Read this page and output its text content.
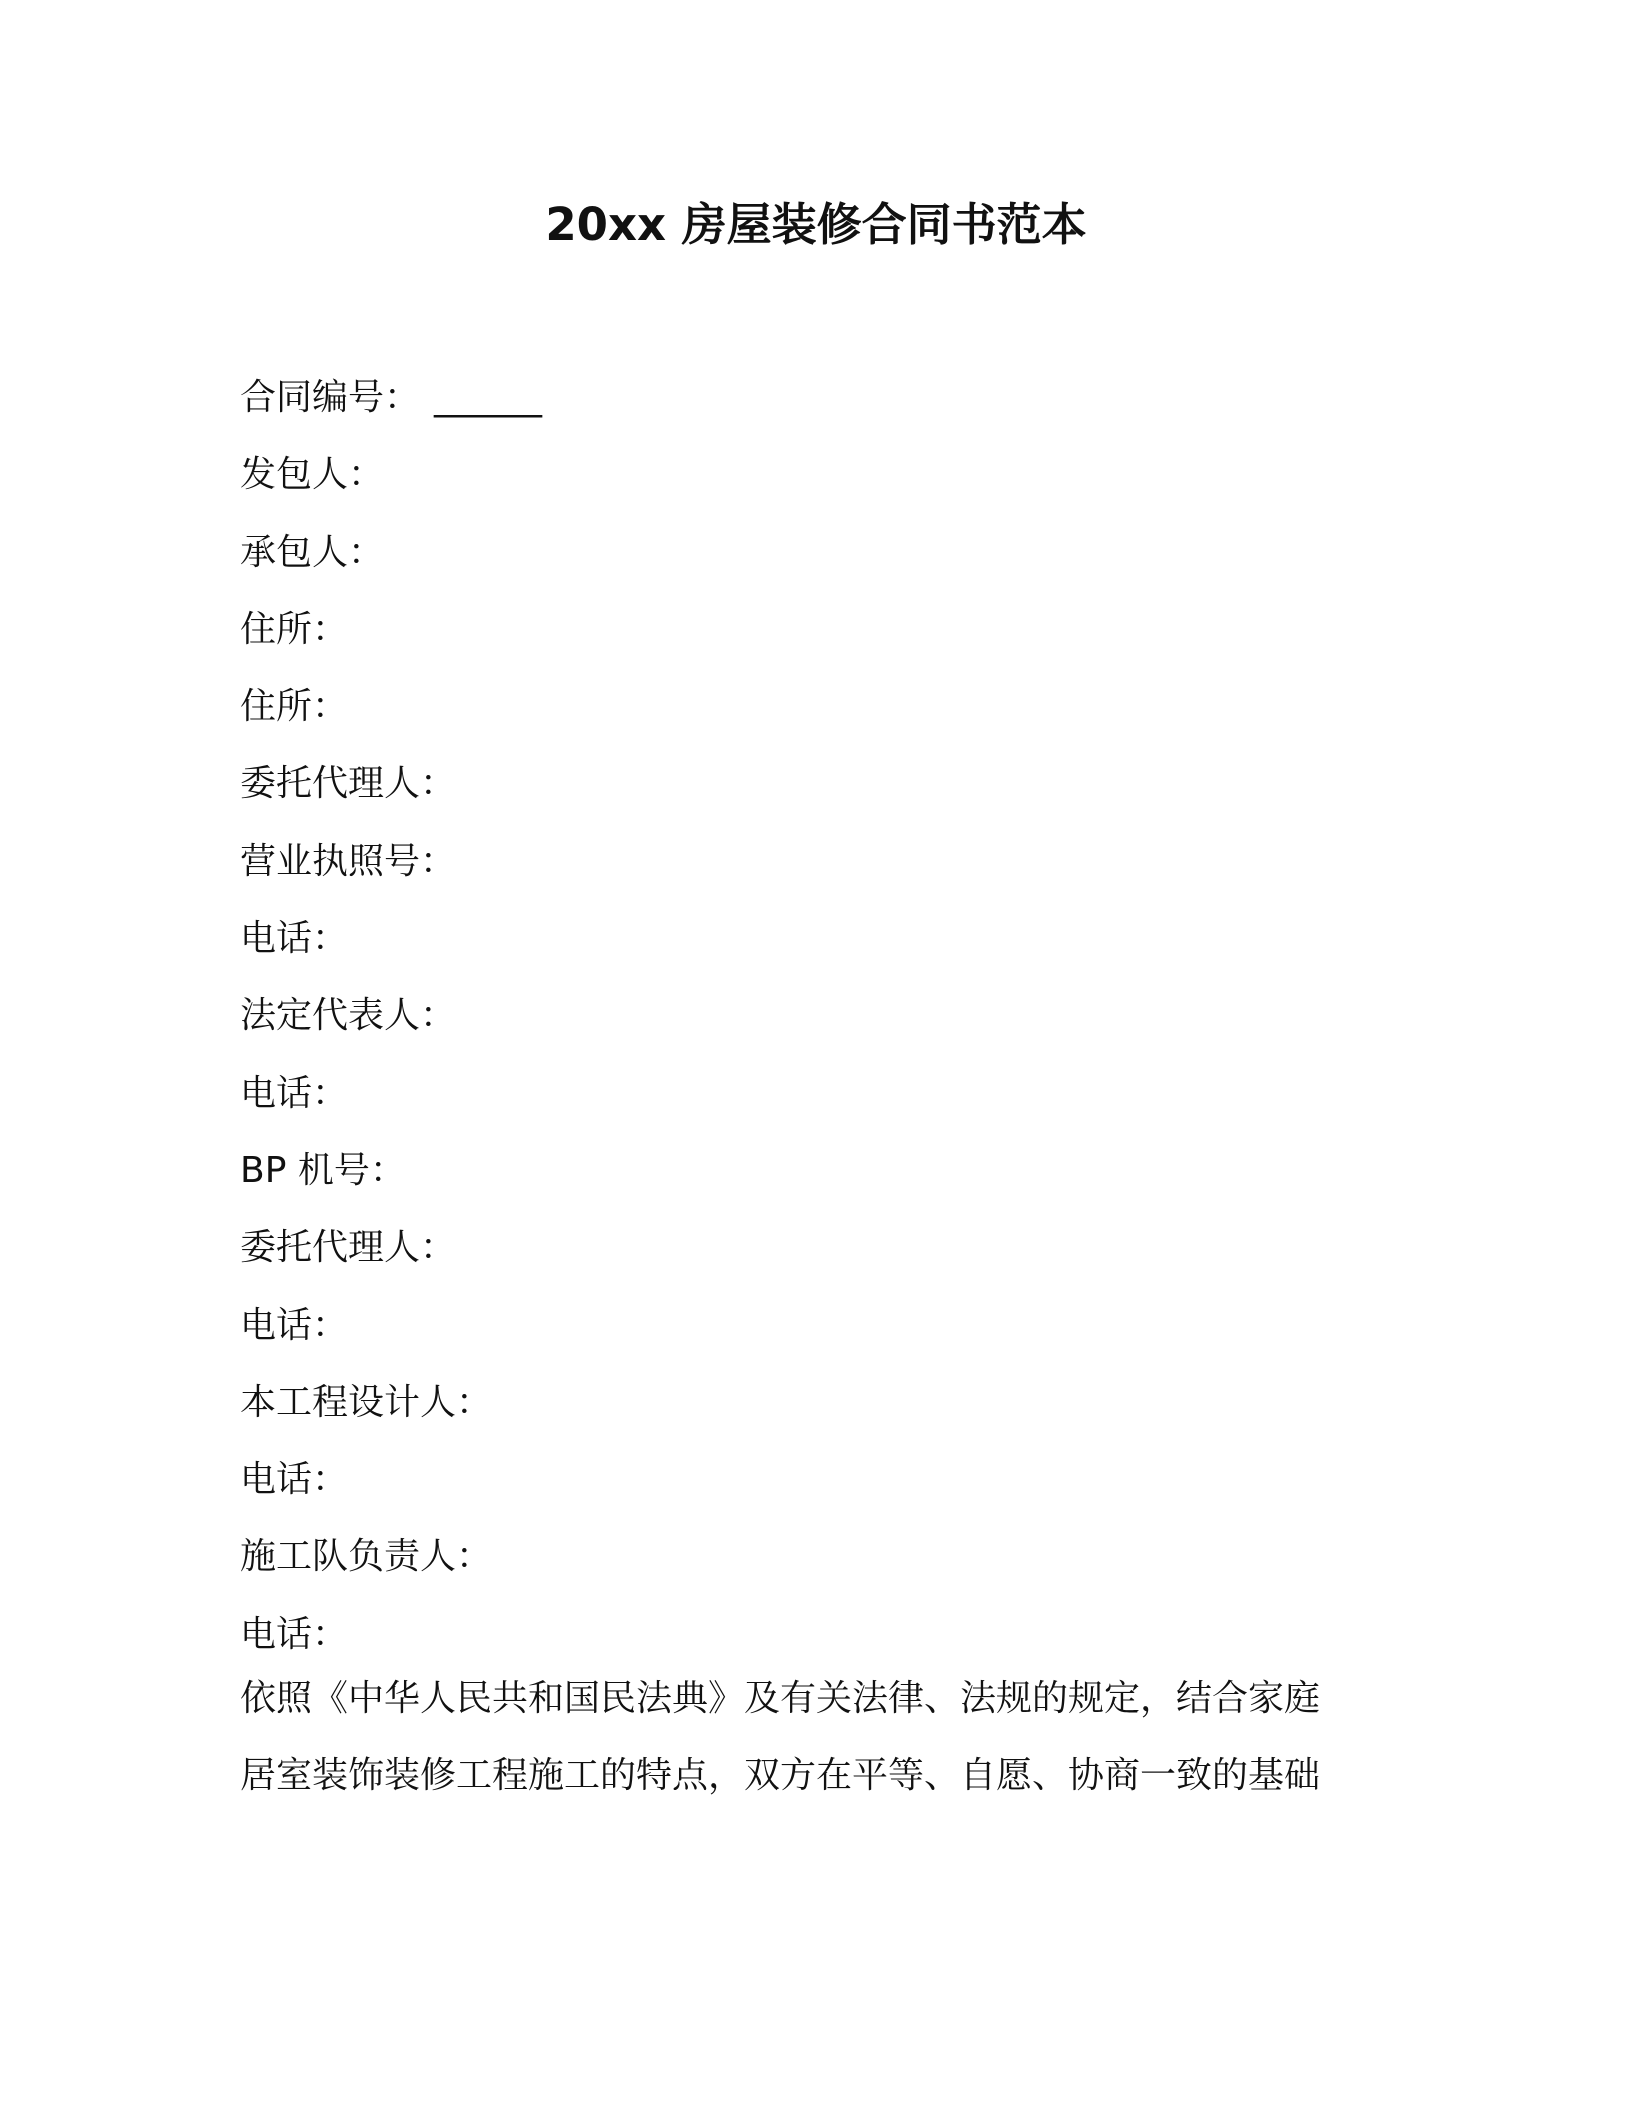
20xx 房屋装修合同书范本
合同编号： ______
发包人：
承包人：
住所：
住所：
委托代理人：
营业执照号：
电话：
法定代表人：
电话：
BP 机号：
委托代理人：
电话：
本工程设计人：
电话：
施工队负责人：
电话：
依照《中华人民共和国民法典》及有关法律、法规的规定，结合家庭
居室装饰装修工程施工的特点，双方在平等、自愿、协商一致的基础
